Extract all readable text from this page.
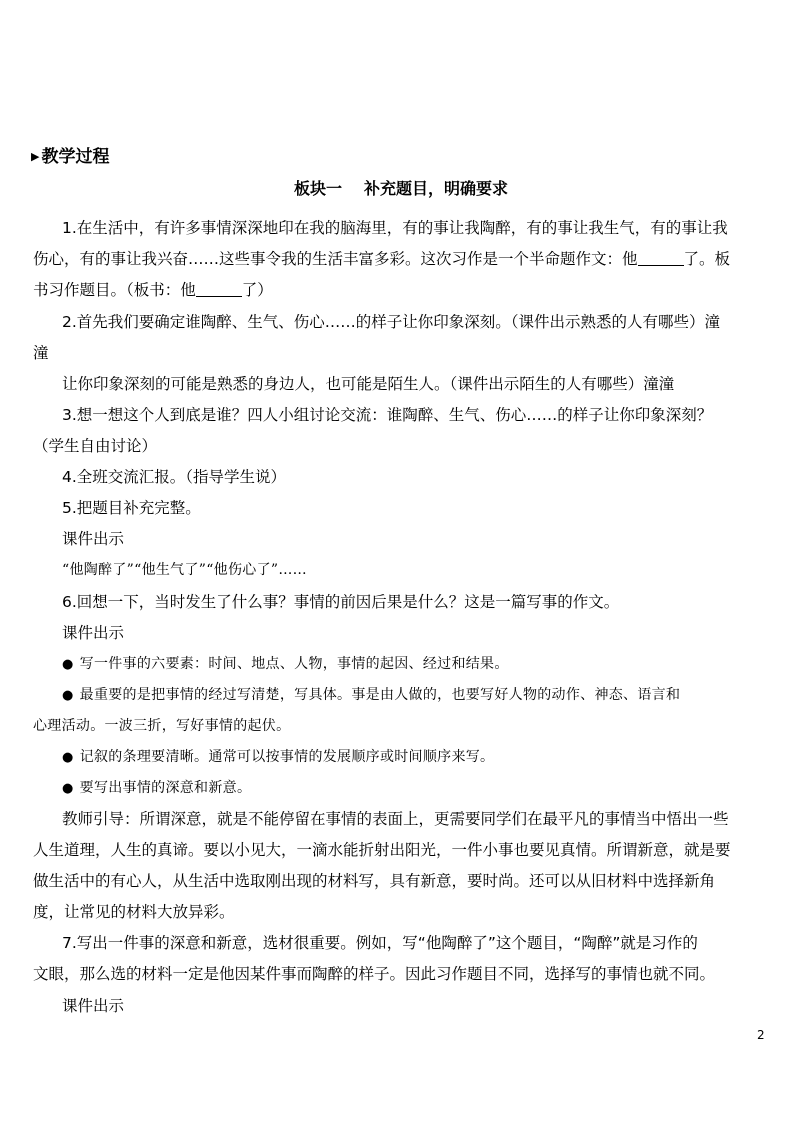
▶ 教学过程
板块一 补充题目，明确要求
1.在生活中，有许多事情深深地印在我的脑海里，有的事让我陶醉，有的事让我生气，有的事让我
伤心，有的事让我兴奋……这些事令我的生活丰富多彩。这次习作是一个半命题作文：他	了。板
书习作题目。（板书：他	了）
2.首先我们要确定谁陶醉、生气、伤心……的样子让你印象深刻。（课件出示熟悉的人有哪些）潼
潼
让你印象深刻的可能是熟悉的身边人，也可能是陌生人。（课件出示陌生的人有哪些）潼潼
3.想一想这个人到底是谁？四人小组讨论交流：谁陶醉、生气、伤心……的样子让你印象深刻？
（学生自由讨论）
4.全班交流汇报。（指导学生说）
5.把题目补充完整。
课件出示
“他陶醉了”“他生气了”“他伤心了”……
6.回想一下，当时发生了什么事？事情的前因后果是什么？这是一篇写事的作文。
课件出示
● 写一件事的六要素：时间、地点、人物，事情的起因、经过和结果。
● 最重要的是把事情的经过写清楚，写具体。事是由人做的，也要写好人物的动作、神态、语言和
心理活动。一波三折，写好事情的起伏。
● 记叙的条理要清晰。通常可以按事情的发展顺序或时间顺序来写。
● 要写出事情的深意和新意。
教师引导：所谓深意，就是不能停留在事情的表面上，更需要同学们在最平凡的事情当中悟出一些
人生道理，人生的真谛。要以小见大，一滴水能折射出阳光，一件小事也要见真情。所谓新意，就是要
做生活中的有心人，从生活中选取刚出现的材料写，具有新意，要时尚。还可以从旧材料中选择新角
度，让常见的材料大放异彩。
7.写出一件事的深意和新意，选材很重要。例如，写“他陶醉了”这个题目，“陶醉”就是习作的
文眼，那么选的材料一定是他因某件事而陶醉的样子。因此习作题目不同，选择写的事情也就不同。
课件出示
2
